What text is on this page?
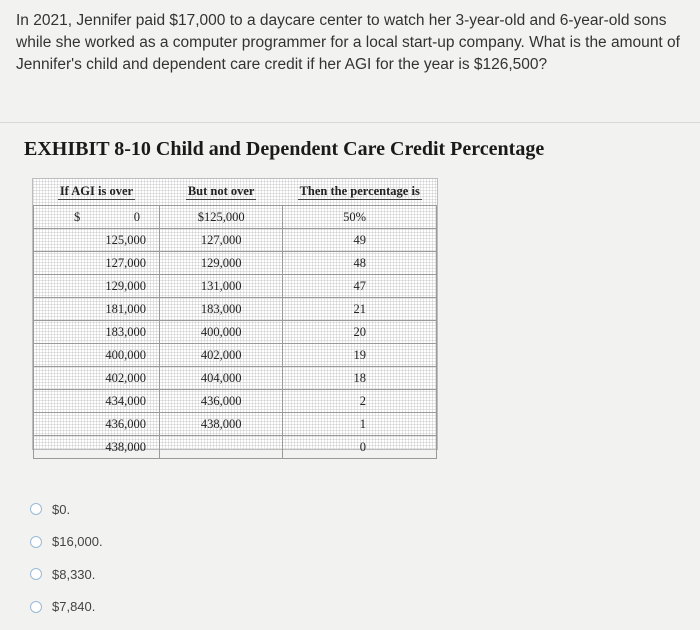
In 2021, Jennifer paid $17,000 to a daycare center to watch her 3-year-old and 6-year-old sons while she worked as a computer programmer for a local start-up company. What is the amount of Jennifer's child and dependent care credit if her AGI for the year is $126,500?
EXHIBIT 8-10 Child and Dependent Care Credit Percentage
If AGI is over	But not over	Then the percentage is
$ 0	$125,000	50%
125,000	127,000	49
127,000	129,000	48
129,000	131,000	47
181,000	183,000	21
183,000	400,000	20
400,000	402,000	19
402,000	404,000	18
434,000	436,000	2
436,000	438,000	1
438,000		0
$0.
$16,000.
$8,330.
$7,840.
